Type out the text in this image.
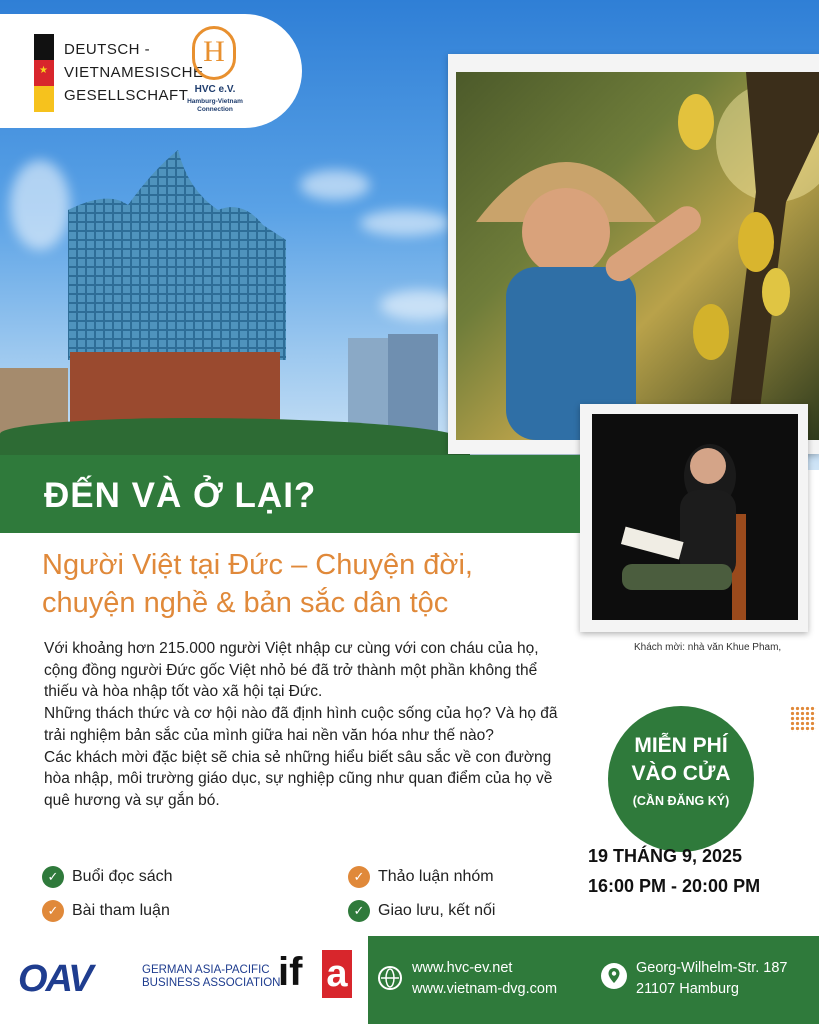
★
DEUTSCH -
VIETNAMESISCHE
GESELLSCHAFT
H
HVC e.V.
Hamburg-Vietnam
Connection
Khách mời: nhà văn Khue Pham,
ĐẾN VÀ Ở LẠI?
Người Việt tại Đức – Chuyện đời,
chuyện nghề & bản sắc dân tộc

Với khoảng hơn 215.000 người Việt nhập cư cùng với con cháu của họ, cộng đồng người Đức gốc Việt nhỏ bé đã trở thành một phần không thể thiếu và hòa nhập tốt vào xã hội tại Đức.

Những thách thức và cơ hội nào đã định hình cuộc sống của họ? Và họ đã trải nghiệm bản sắc của mình giữa hai nền văn hóa như thế nào?

Các khách mời đặc biệt sẽ chia sẻ những hiểu biết sâu sắc về con đường hòa nhập, môi trường giáo dục, sự nghiệp cũng như quan điểm của họ về quê hương và sự gắn bó.

MIỄN PHÍ
VÀO CỬA
(CẦN ĐĂNG KÝ)
19 THÁNG 9, 2025
16:00 PM - 20:00 PM
✓ Buổi đọc sách	✓ Thảo luận nhóm
✓ Bài tham luận	✓ Giao lưu, kết nối
OAV	GERMAN ASIA-PACIFIC
BUSINESS ASSOCIATION
if a	www.hvc-ev.net
www.vietnam-dvg.com
Georg-Wilhelm-Str. 187
21107 Hamburg
